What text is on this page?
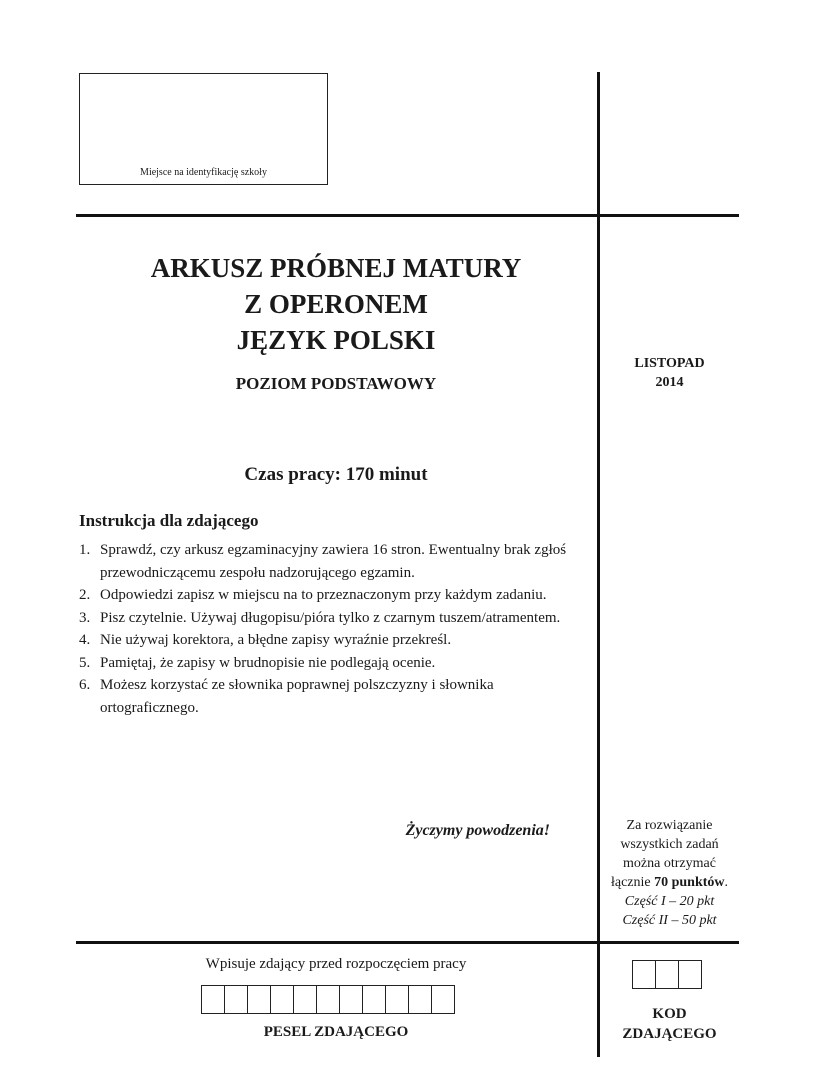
Miejsce na identyfikację szkoły
ARKUSZ PRÓBNEJ MATURY
Z OPERONEM
JĘZYK POLSKI
POZIOM PODSTAWOWY
LISTOPAD
2014
Czas pracy: 170 minut
Instrukcja dla zdającego
1. Sprawdź, czy arkusz egzaminacyjny zawiera 16 stron. Ewentualny brak zgłoś przewodniczącemu zespołu nadzorującego egzamin.
2. Odpowiedzi zapisz w miejscu na to przeznaczonym przy każdym zadaniu.
3. Pisz czytelnie. Używaj długopisu/pióra tylko z czarnym tuszem/atramentem.
4. Nie używaj korektora, a błędne zapisy wyraźnie przekreśl.
5. Pamiętaj, że zapisy w brudnopisie nie podlegają ocenie.
6. Możesz korzystać ze słownika poprawnej polszczyzny i słownika ortograficznego.
Życzymy powodzenia!	Za rozwiązanie
wszystkich zadań
można otrzymać
łącznie 70 punktów.
Część I – 20 pkt
Część II – 50 pkt
Wpisuje zdający przed rozpoczęciem pracy
PESEL ZDAJĄCEGO
KOD
ZDAJĄCEGO
